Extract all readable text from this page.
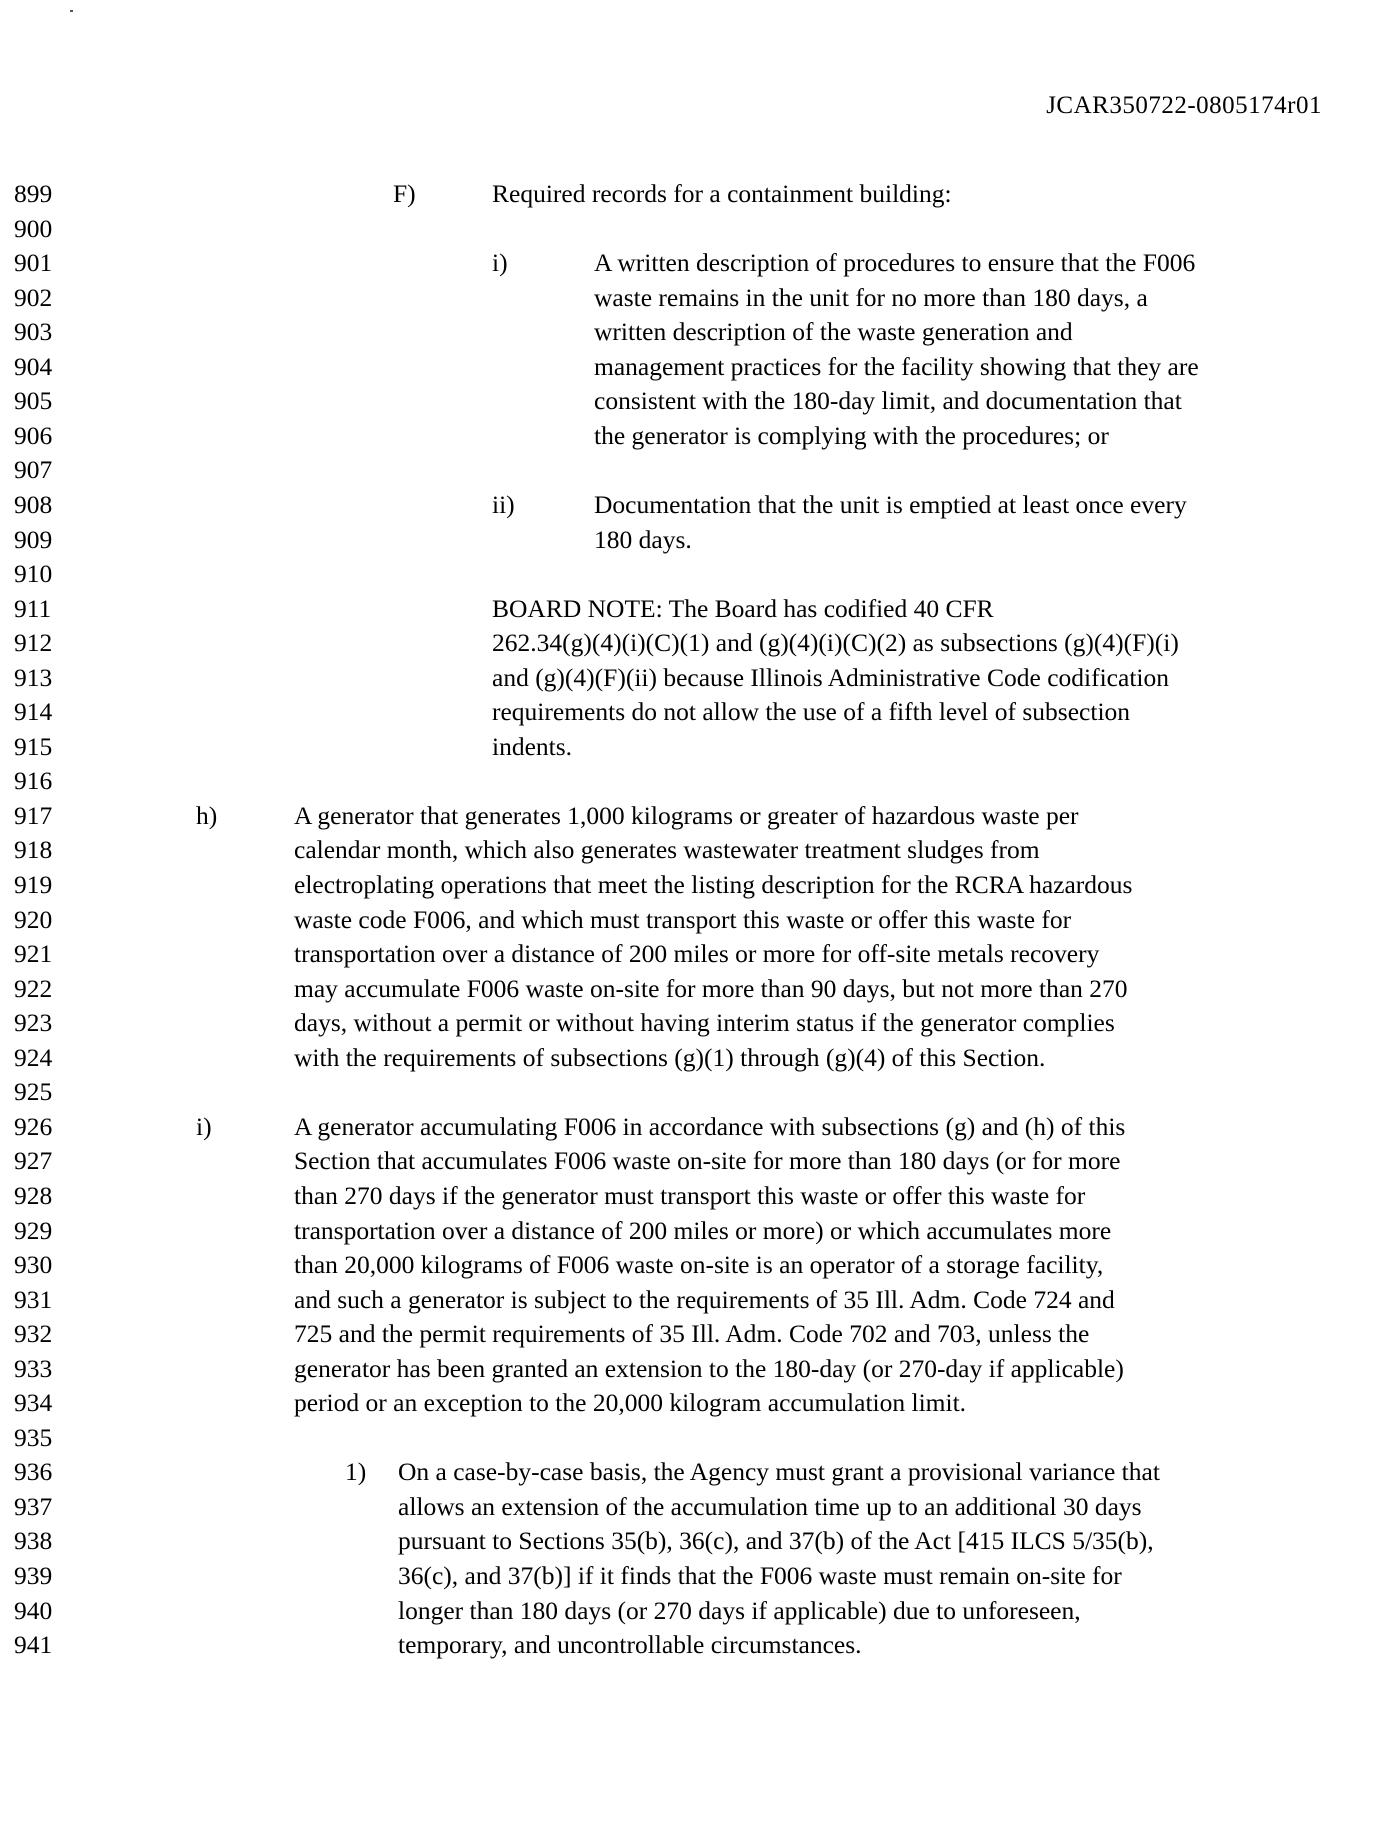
JCAR350722-0805174r01
899	F)	Required records for a containment building:
900
901	i)	A written description of procedures to ensure that the F006
902	waste remains in the unit for no more than 180 days, a
903	written description of the waste generation and
904	management practices for the facility showing that they are
905	consistent with the 180-day limit, and documentation that
906	the generator is complying with the procedures; or
907
908	ii)	Documentation that the unit is emptied at least once every
909	180 days.
910
911	BOARD NOTE: The Board has codified 40 CFR
912	262.34(g)(4)(i)(C)(1) and (g)(4)(i)(C)(2) as subsections (g)(4)(F)(i)
913	and (g)(4)(F)(ii) because Illinois Administrative Code codification
914	requirements do not allow the use of a fifth level of subsection
915	indents.
916
917	h)	A generator that generates 1,000 kilograms or greater of hazardous waste per
918	calendar month, which also generates wastewater treatment sludges from
919	electroplating operations that meet the listing description for the RCRA hazardous
920	waste code F006, and which must transport this waste or offer this waste for
921	transportation over a distance of 200 miles or more for off-site metals recovery
922	may accumulate F006 waste on-site for more than 90 days, but not more than 270
923	days, without a permit or without having interim status if the generator complies
924	with the requirements of subsections (g)(1) through (g)(4) of this Section.
925
926	i)	A generator accumulating F006 in accordance with subsections (g) and (h) of this
927	Section that accumulates F006 waste on-site for more than 180 days (or for more
928	than 270 days if the generator must transport this waste or offer this waste for
929	transportation over a distance of 200 miles or more) or which accumulates more
930	than 20,000 kilograms of F006 waste on-site is an operator of a storage facility,
931	and such a generator is subject to the requirements of 35 Ill. Adm. Code 724 and
932	725 and the permit requirements of 35 Ill. Adm. Code 702 and 703, unless the
933	generator has been granted an extension to the 180-day (or 270-day if applicable)
934	period or an exception to the 20,000 kilogram accumulation limit.
935
936	1) On a case-by-case basis, the Agency must grant a provisional variance that
937	allows an extension of the accumulation time up to an additional 30 days
938	pursuant to Sections 35(b), 36(c), and 37(b) of the Act [415 ILCS 5/35(b),
939	36(c), and 37(b)] if it finds that the F006 waste must remain on-site for
940	longer than 180 days (or 270 days if applicable) due to unforeseen,
941	temporary, and uncontrollable circumstances.
